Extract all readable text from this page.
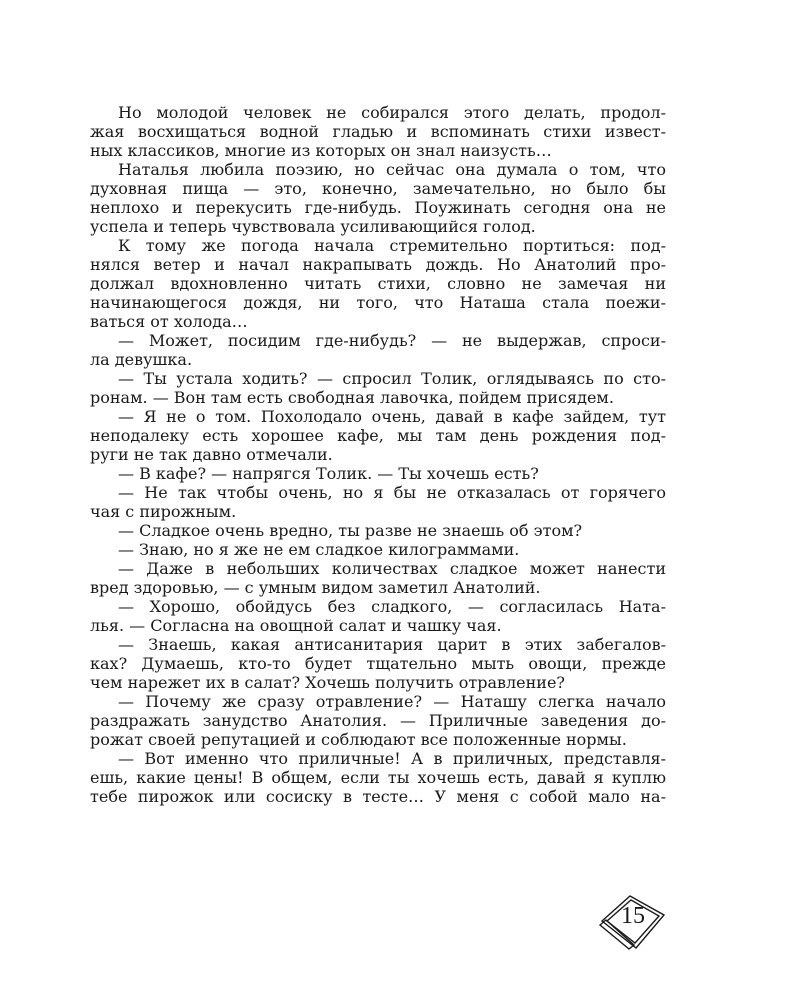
Но молодой человек не собирался этого делать, продол-
жая восхищаться водной гладью и вспоминать стихи извест-
ных классиков, многие из которых он знал наизусть…
Наталья любила поэзию, но сейчас она думала о том, что
духовная пища — это, конечно, замечательно, но было бы
неплохо и перекусить где-нибудь. Поужинать сегодня она не
успела и теперь чувствовала усиливающийся голод.
К тому же погода начала стремительно портиться: под-
нялся ветер и начал накрапывать дождь. Но Анатолий про-
должал вдохновленно читать стихи, словно не замечая ни
начинающегося дождя, ни того, что Наташа стала поежи-
ваться от холода…
— Может, посидим где-нибудь? — не выдержав, спроси-
ла девушка.
— Ты устала ходить? — спросил Толик, оглядываясь по сто-
ронам. — Вон там есть свободная лавочка, пойдем присядем.
— Я не о том. Похолодало очень, давай в кафе зайдем, тут
неподалеку есть хорошее кафе, мы там день рождения под-
руги не так давно отмечали.
— В кафе? — напрягся Толик. — Ты хочешь есть?
— Не так чтобы очень, но я бы не отказалась от горячего
чая с пирожным.
— Сладкое очень вредно, ты разве не знаешь об этом?
— Знаю, но я же не ем сладкое килограммами.
— Даже в небольших количествах сладкое может нанести
вред здоровью, — с умным видом заметил Анатолий.
— Хорошо, обойдусь без сладкого, — согласилась Ната-
лья. — Согласна на овощной салат и чашку чая.
— Знаешь, какая антисанитария царит в этих забегалов-
ках? Думаешь, кто-то будет тщательно мыть овощи, прежде
чем нарежет их в салат? Хочешь получить отравление?
— Почему же сразу отравление? — Наташу слегка начало
раздражать занудство Анатолия. — Приличные заведения до-
рожат своей репутацией и соблюдают все положенные нормы.
— Вот именно что приличные! А в приличных, представля-
ешь, какие цены! В общем, если ты хочешь есть, давай я куплю
тебе пирожок или сосиску в тесте… У меня с собой мало на-
15
